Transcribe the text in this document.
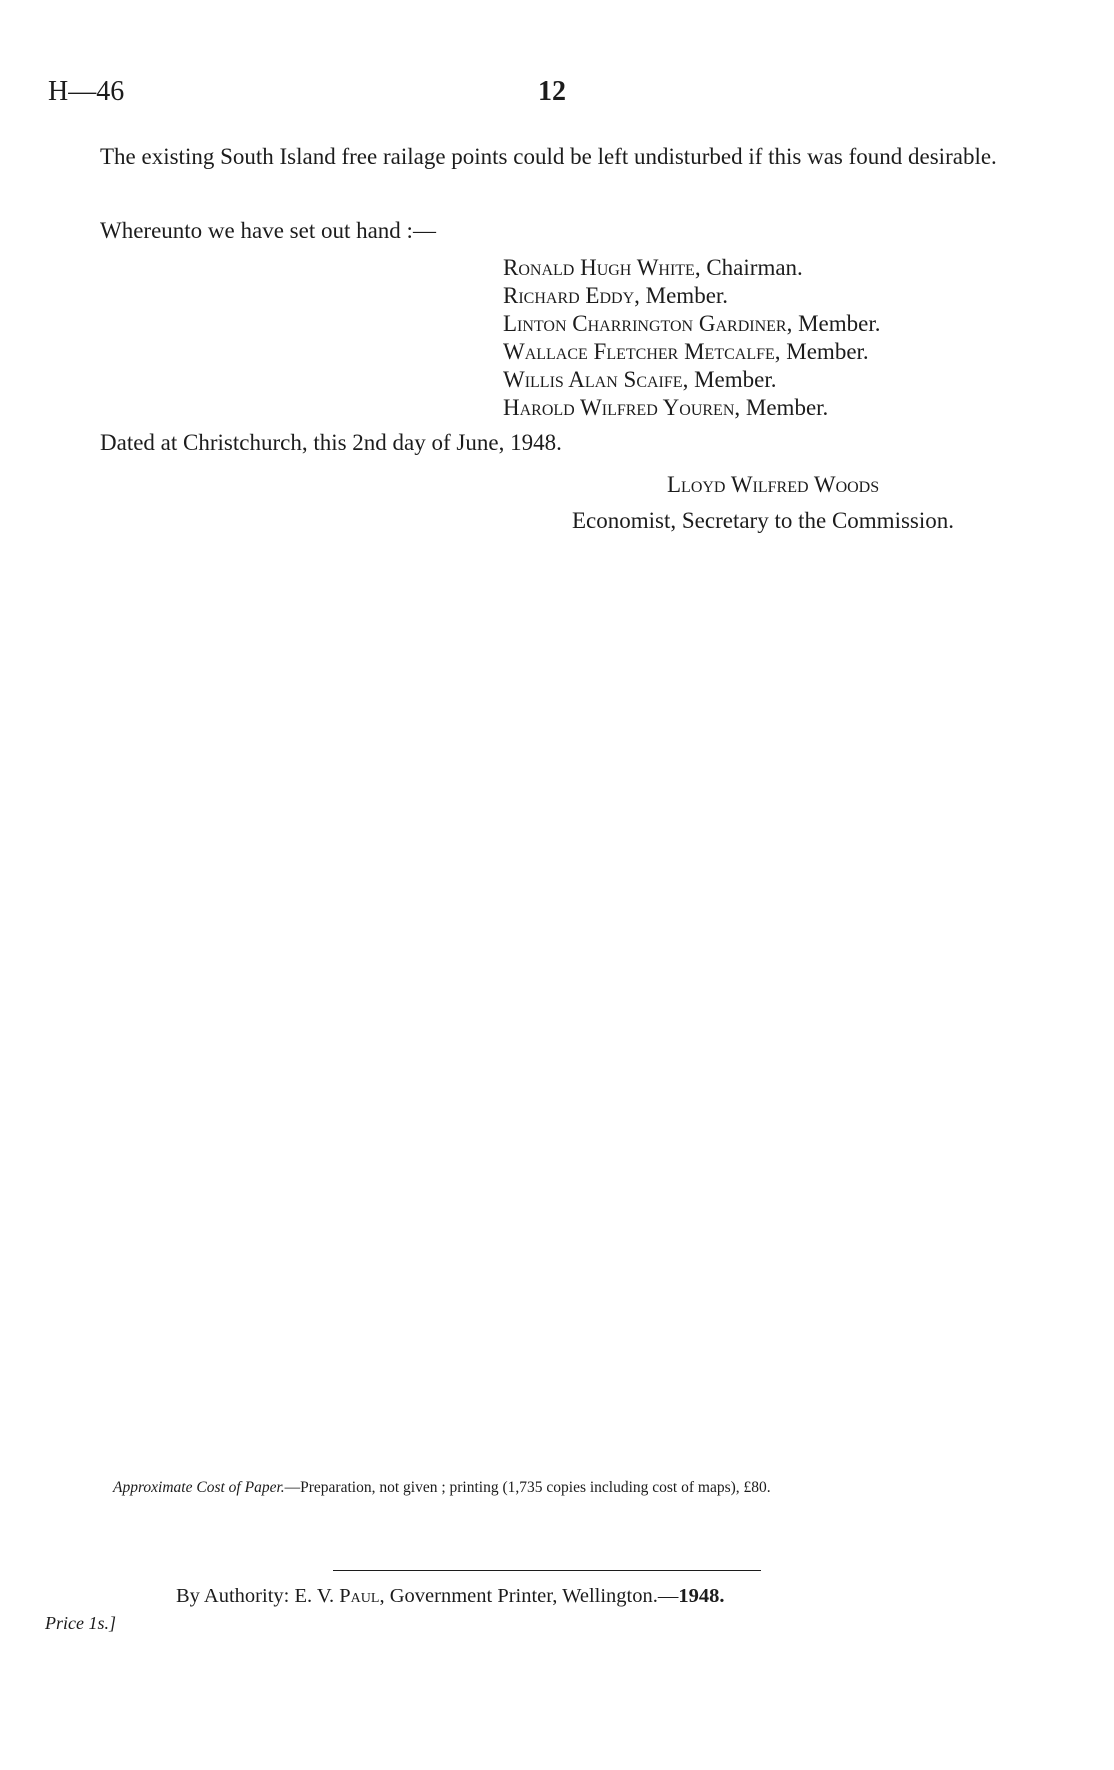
H—46	12

The existing South Island free railage points could be left undisturbed if this was found desirable.

Whereunto we have set out hand :—
Ronald Hugh White, Chairman.
Richard Eddy, Member.
Linton Charrington Gardiner, Member.
Wallace Fletcher Metcalfe, Member.
Willis Alan Scaife, Member.
Harold Wilfred Youren, Member.
Dated at Christchurch, this 2nd day of June, 1948.
Lloyd Wilfred Woods
Economist, Secretary to the Commission.
Approximate Cost of Paper.—Preparation, not given ; printing (1,735 copies including cost of maps), £80.
By Authority: E. V. Paul, Government Printer, Wellington.—1948.
Price 1s.]
